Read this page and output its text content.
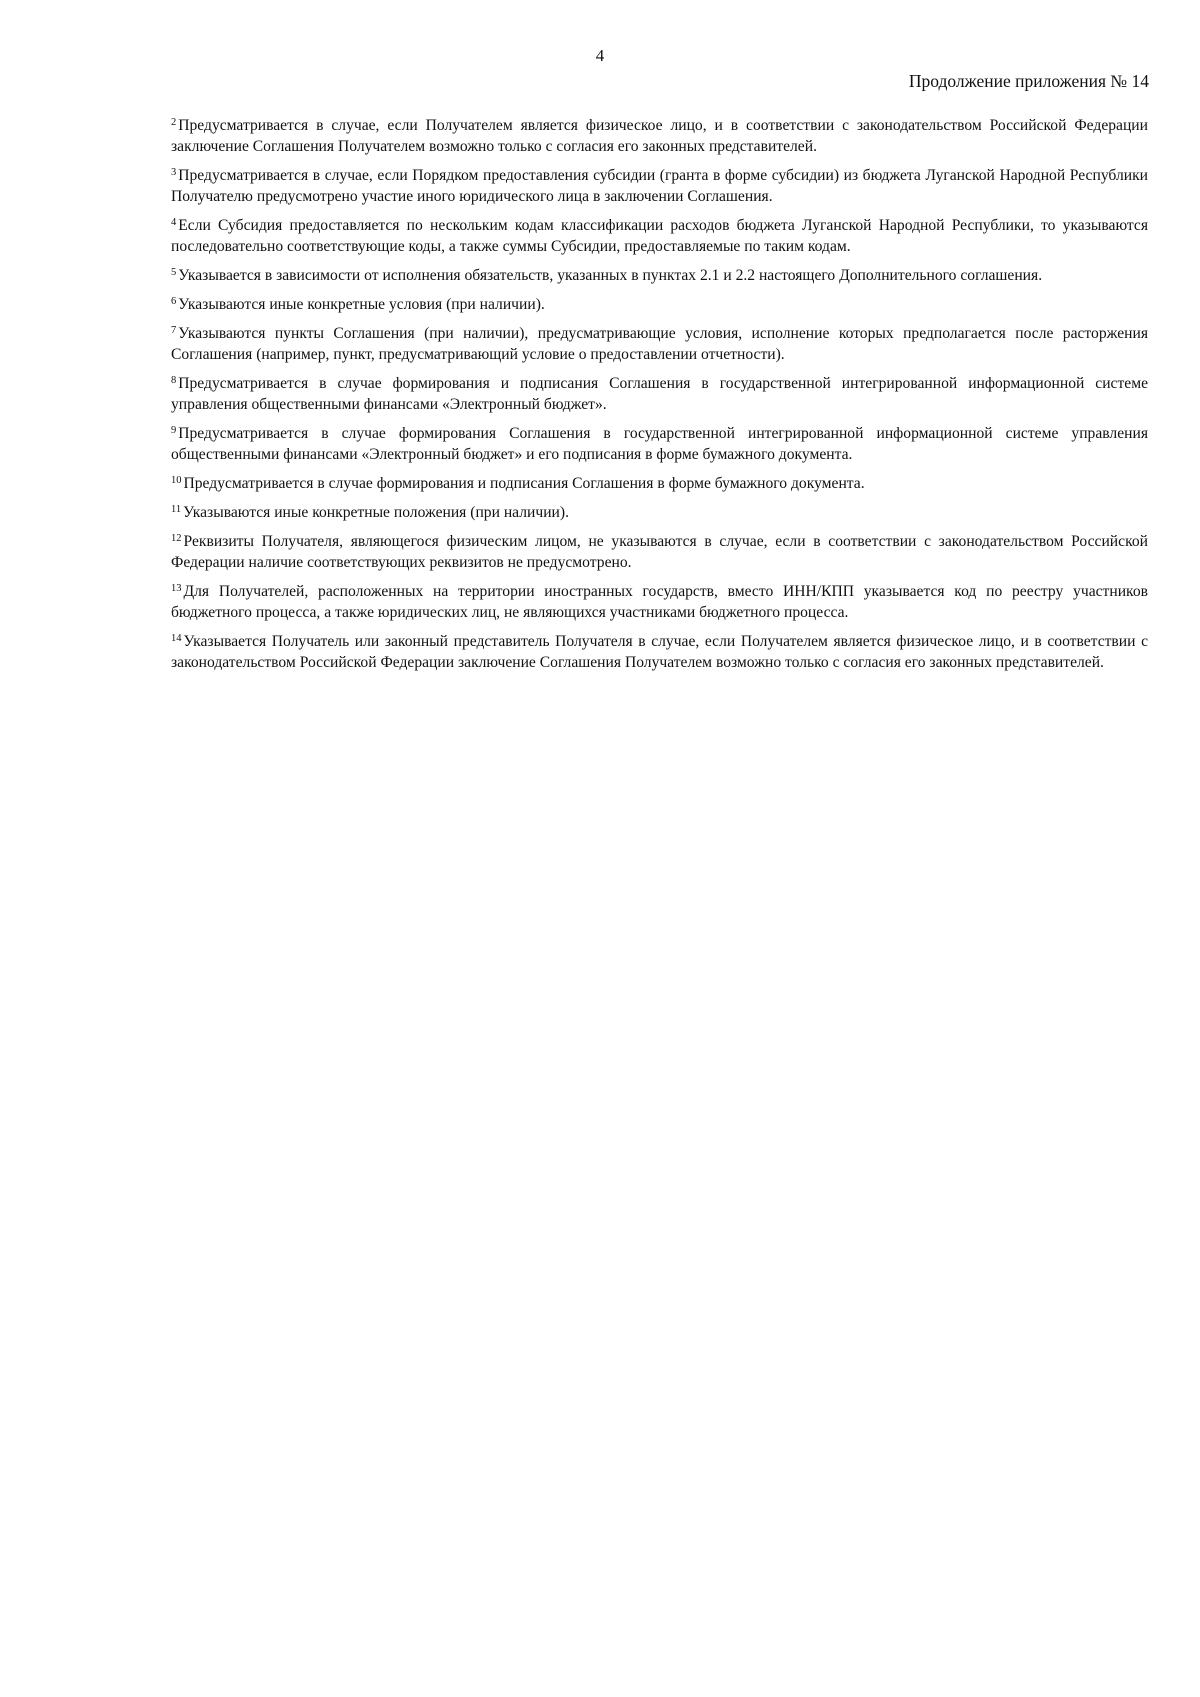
4
Продолжение приложения № 14

$^2$ Предусматривается в случае, если Получателем является физическое лицо, и в соответствии с законодательством Российской Федерации заключение Соглашения Получателем возможно только с согласия его законных представителей.

$^3$ Предусматривается в случае, если Порядком предоставления субсидии (гранта в форме субсидии) из бюджета Луганской Народной Республики Получателю предусмотрено участие иного юридического лица в заключении Соглашения.

$^4$ Если Субсидия предоставляется по нескольким кодам классификации расходов бюджета Луганской Народной Республики, то указываются последовательно соответствующие коды, а также суммы Субсидии, предоставляемые по таким кодам.

$^5$ Указывается в зависимости от исполнения обязательств, указанных в пунктах 2.1 и 2.2 настоящего Дополнительного соглашения.

$^6$ Указываются иные конкретные условия (при наличии).

$^7$ Указываются пункты Соглашения (при наличии), предусматривающие условия, исполнение которых предполагается после расторжения Соглашения (например, пункт, предусматривающий условие о предоставлении отчетности).

$^8$ Предусматривается в случае формирования и подписания Соглашения в государственной интегрированной информационной системе управления общественными финансами «Электронный бюджет».

$^9$ Предусматривается в случае формирования Соглашения в государственной интегрированной информационной системе управления общественными финансами «Электронный бюджет» и его подписания в форме бумажного документа.

$^{10}$ Предусматривается в случае формирования и подписания Соглашения в форме бумажного документа.

$^{11}$ Указываются иные конкретные положения (при наличии).

$^{12}$ Реквизиты Получателя, являющегося физическим лицом, не указываются в случае, если в соответствии с законодательством Российской Федерации наличие соответствующих реквизитов не предусмотрено.

$^{13}$ Для Получателей, расположенных на территории иностранных государств, вместо ИНН/КПП указывается код по реестру участников бюджетного процесса, а также юридических лиц, не являющихся участниками бюджетного процесса.

$^{14}$ Указывается Получатель или законный представитель Получателя в случае, если Получателем является физическое лицо, и в соответствии с законодательством Российской Федерации заключение Соглашения Получателем возможно только с согласия его законных представителей.
